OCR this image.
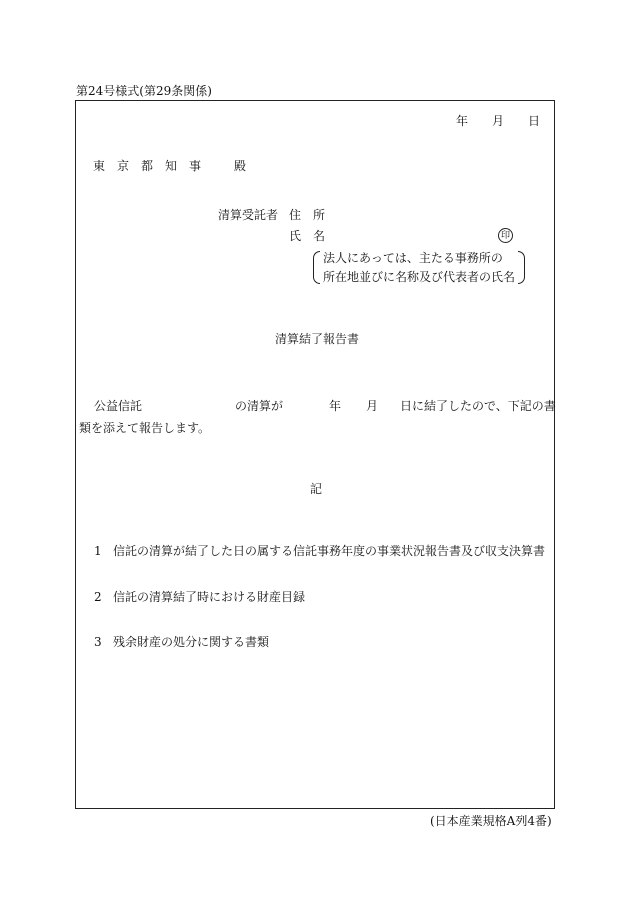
第24号様式(第29条関係)
年 月 日
東 京 都 知 事	殿
清算受託者 住　所
氏　名	印
法人にあっては、主たる事務所の
所在地並びに名称及び代表者の氏名
清算結了報告書
公益信託	の清算が	年 月 日に結了したので、下記の書
類を添えて報告します。
記
1 信託の清算が結了した日の属する信託事務年度の事業状況報告書及び収支決算書
2 信託の清算結了時における財産目録
3 残余財産の処分に関する書類
(日本産業規格A列4番)
